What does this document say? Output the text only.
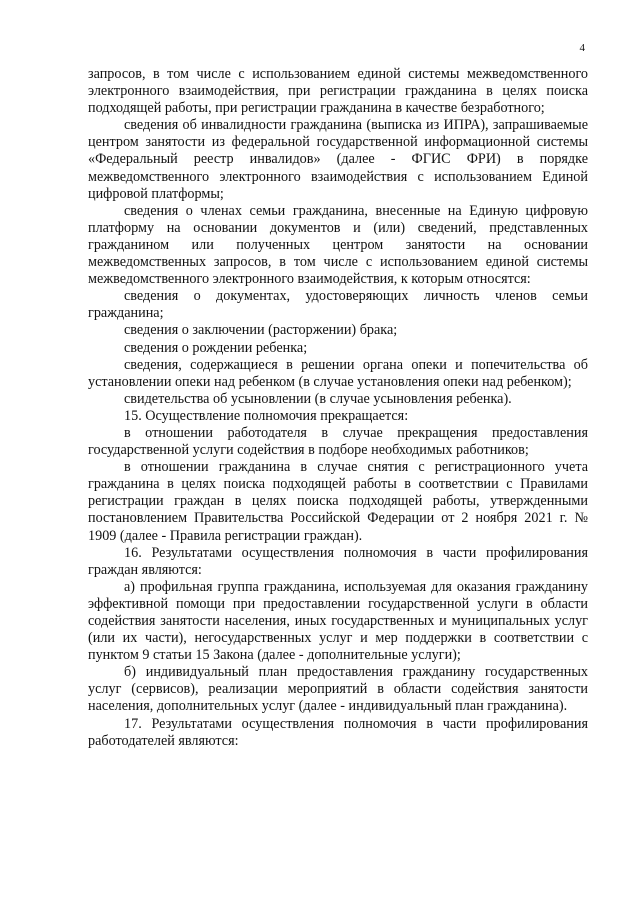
4

запросов, в том числе с использованием единой системы межведомственного электронного взаимодействия, при регистрации гражданина в целях поиска подходящей работы, при регистрации гражданина в качестве безработного;

сведения об инвалидности гражданина (выписка из ИПРА), запрашиваемые центром занятости из федеральной государственной информационной системы «Федеральный реестр инвалидов» (далее - ФГИС ФРИ) в порядке межведомственного электронного взаимодействия с использованием Единой цифровой платформы;

сведения о членах семьи гражданина, внесенные на Единую цифровую платформу на основании документов и (или) сведений, представленных гражданином или полученных центром занятости на основании межведомственных запросов, в том числе с использованием единой системы межведомственного электронного взаимодействия, к которым относятся:

сведения о документах, удостоверяющих личность членов семьи гражданина;

сведения о заключении (расторжении) брака;

сведения о рождении ребенка;

сведения, содержащиеся в решении органа опеки и попечительства об установлении опеки над ребенком (в случае установления опеки над ребенком);

свидетельства об усыновлении (в случае усыновления ребенка).

15. Осуществление полномочия прекращается:

в отношении работодателя в случае прекращения предоставления государственной услуги содействия в подборе необходимых работников;

в отношении гражданина в случае снятия с регистрационного учета гражданина в целях поиска подходящей работы в соответствии с Правилами регистрации граждан в целях поиска подходящей работы, утвержденными постановлением Правительства Российской Федерации от 2 ноября 2021 г. № 1909 (далее - Правила регистрации граждан).

16. Результатами осуществления полномочия в части профилирования граждан являются:

а) профильная группа гражданина, используемая для оказания гражданину эффективной помощи при предоставлении государственной услуги в области содействия занятости населения, иных государственных и муниципальных услуг (или их части), негосударственных услуг и мер поддержки в соответствии с пунктом 9 статьи 15 Закона (далее - дополнительные услуги);

б) индивидуальный план предоставления гражданину государственных услуг (сервисов), реализации мероприятий в области содействия занятости населения, дополнительных услуг (далее - индивидуальный план гражданина).

17. Результатами осуществления полномочия в части профилирования работодателей являются:
